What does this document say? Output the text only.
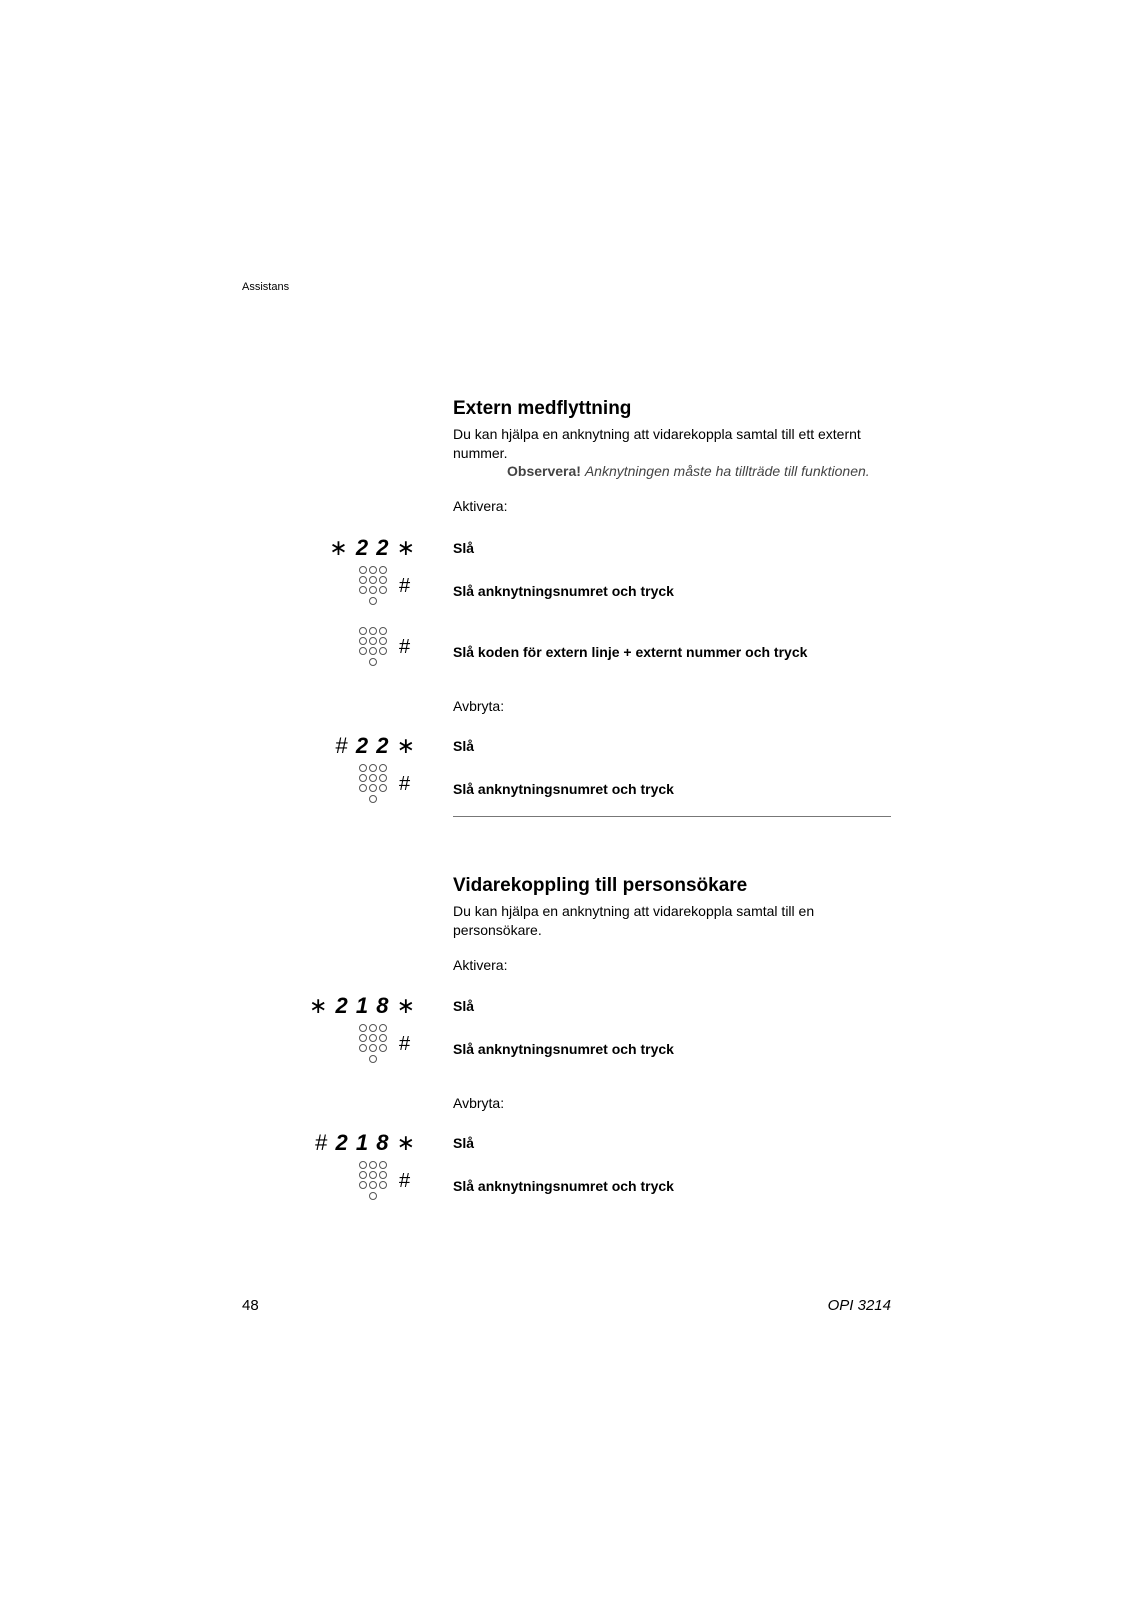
Assistans
Extern medflyttning
Du kan hjälpa en anknytning att vidarekoppla samtal till ett externt nummer.
Observera! Anknytningen måste ha tillträde till funktionen.
Aktivera:
∗ 2 2 ∗	Slå
#	Slå anknytningsnumret och tryck
#	Slå koden för extern linje + externt nummer och tryck
Avbryta:
# 2 2 ∗	Slå
#	Slå anknytningsnumret och tryck
Vidarekoppling till personsökare
Du kan hjälpa en anknytning att vidarekoppla samtal till en personsökare.
Aktivera:
∗ 2 1 8 ∗	Slå
#	Slå anknytningsnumret och tryck
Avbryta:
# 2 1 8 ∗	Slå
#	Slå anknytningsnumret och tryck
48	OPI 3214
